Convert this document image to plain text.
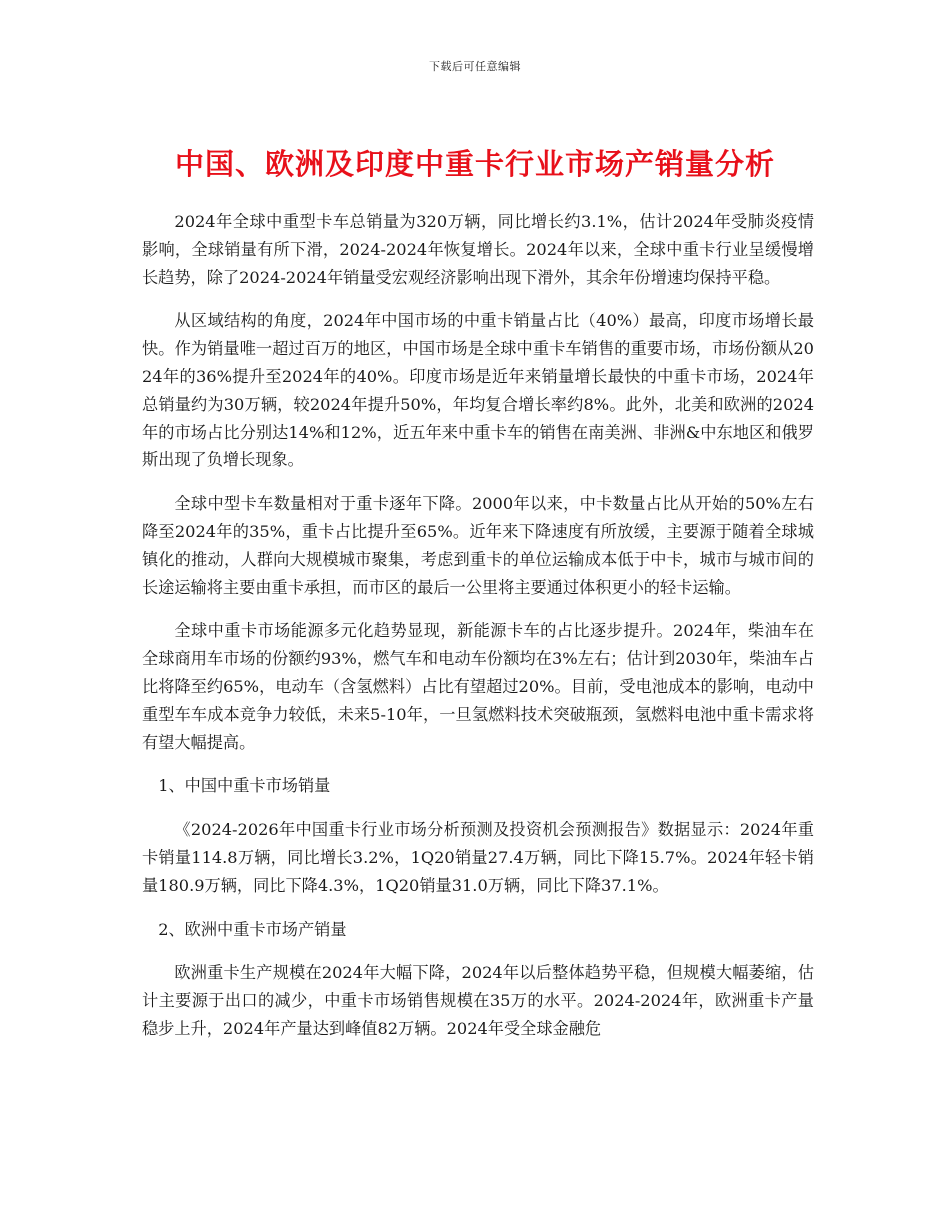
下载后可任意编辑
中国、欧洲及印度中重卡行业市场产销量分析

2024年全球中重型卡车总销量为320万辆，同比增长约3.1%，估计2024年受肺炎疫情影响，全球销量有所下滑，2024-2024年恢复增长。2024年以来，全球中重卡行业呈缓慢增长趋势，除了2024-2024年销量受宏观经济影响出现下滑外，其余年份增速均保持平稳。

从区域结构的角度，2024年中国市场的中重卡销量占比（40%）最高，印度市场增长最快。作为销量唯一超过百万的地区，中国市场是全球中重卡车销售的重要市场，市场份额从2024年的36%提升至2024年的40%。印度市场是近年来销量增长最快的中重卡市场，2024年总销量约为30万辆，较2024年提升50%，年均复合增长率约8%。此外，北美和欧洲的2024年的市场占比分别达14%和12%，近五年来中重卡车的销售在南美洲、非洲&中东地区和俄罗斯出现了负增长现象。

全球中型卡车数量相对于重卡逐年下降。2000年以来，中卡数量占比从开始的50%左右降至2024年的35%，重卡占比提升至65%。近年来下降速度有所放缓，主要源于随着全球城镇化的推动，人群向大规模城市聚集，考虑到重卡的单位运输成本低于中卡，城市与城市间的长途运输将主要由重卡承担，而市区的最后一公里将主要通过体积更小的轻卡运输。

全球中重卡市场能源多元化趋势显现，新能源卡车的占比逐步提升。2024年，柴油车在全球商用车市场的份额约93%，燃气车和电动车份额均在3%左右；估计到2030年，柴油车占比将降至约65%，电动车（含氢燃料）占比有望超过20%。目前，受电池成本的影响，电动中重型车车成本竞争力较低，未来5-10年，一旦氢燃料技术突破瓶颈，氢燃料电池中重卡需求将有望大幅提高。

1、中国中重卡市场销量

《2024-2026年中国重卡行业市场分析预测及投资机会预测报告》数据显示：2024年重卡销量114.8万辆，同比增长3.2%，1Q20销量27.4万辆，同比下降15.7%。2024年轻卡销量180.9万辆，同比下降4.3%，1Q20销量31.0万辆，同比下降37.1%。

2、欧洲中重卡市场产销量

欧洲重卡生产规模在2024年大幅下降，2024年以后整体趋势平稳，但规模大幅萎缩，估计主要源于出口的减少，中重卡市场销售规模在35万的水平。2024-2024年，欧洲重卡产量稳步上升，2024年产量达到峰值82万辆。2024年受全球金融危
